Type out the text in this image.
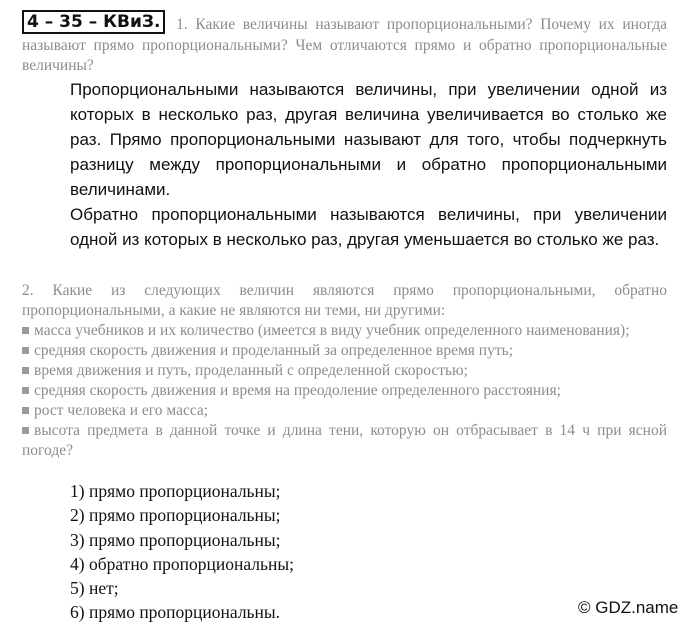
4 – 35 – КВиЗ. 1. Какие величины называют пропорциональными? Почему их иногда называют прямо пропорциональными? Чем отличаются прямо и обратно пропорциональные величины?

Пропорциональными называются величины, при увеличении одной из которых в несколько раз, другая величина увеличивается во столько же раз. Прямо пропорциональными называют для того, чтобы подчеркнуть разницу между пропорциональными и обратно пропорциональными величинами.

Обратно пропорциональными называются величины, при увеличении одной из которых в несколько раз, другая уменьшается во столько же раз.

2. Какие из следующих величин являются прямо пропорциональными, обратно пропорциональными, а какие не являются ни теми, ни другими:

масса учебников и их количество (имеется в виду учебник определенного наименования);
средняя скорость движения и проделанный за определенное время путь;
время движения и путь, проделанный с определенной скоростью;
средняя скорость движения и время на преодоление определенного расстояния;
рост человека и его масса;
высота предмета в данной точке и длина тени, которую он отбрасывает в 14 ч при ясной погоде?
1) прямо пропорциональны;
2) прямо пропорциональны;
3) прямо пропорциональны;
4) обратно пропорциональны;
5) нет;
6) прямо пропорциональны.	© GDZ.name
